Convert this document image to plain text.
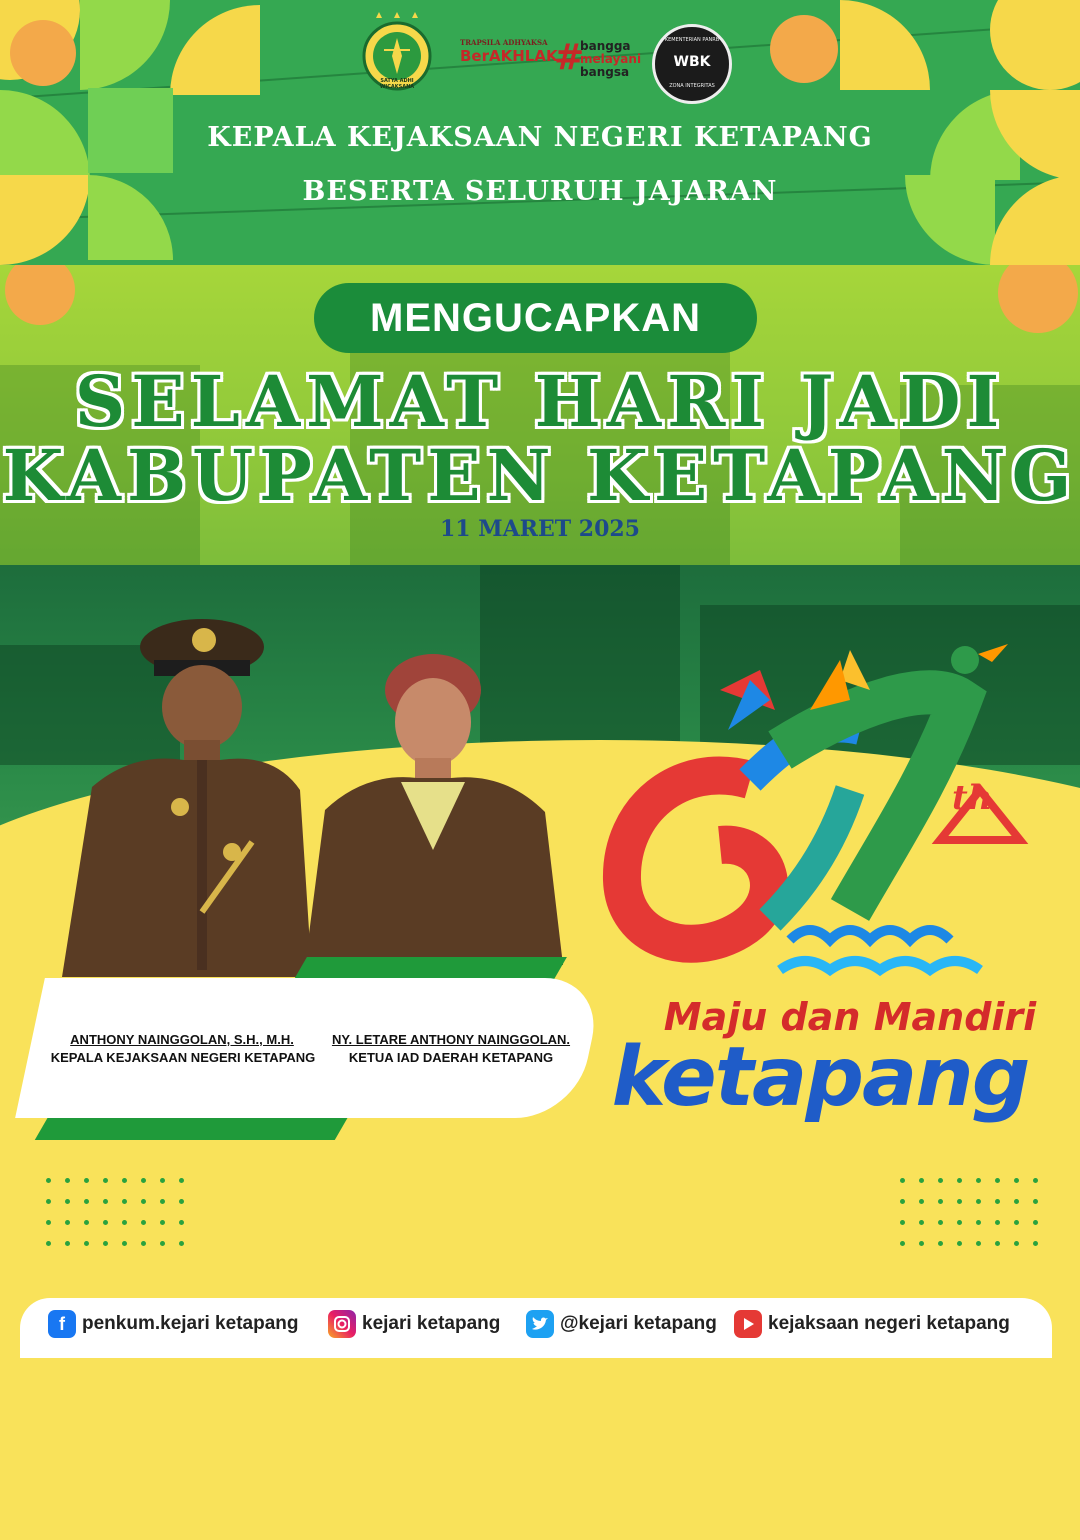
SATYA ADHI WICAKSANA
TRAPSILA ADHYAKSA
BerAKHLAK
#
bangga
melayani
bangsa
KEMENTERIAN PANRB
WBK
ZONA INTEGRITAS
KEPALA KEJAKSAAN NEGERI KETAPANG
BESERTA SELURUH JAJARAN
MENGUCAPKAN
SELAMAT HARI JADI
KABUPATEN KETAPANG
11 MARET 2025
ANTHONY NAINGGOLAN, S.H., M.H.
KEPALA KEJAKSAAN NEGERI KETAPANG
NY. LETARE ANTHONY NAINGGOLAN.
KETUA IAD DAERAH KETAPANG
th
Maju dan Mandiri
ketapang
f penkum.kejari ketapang	kejari ketapang	@kejari ketapang	kejaksaan negeri ketapang
